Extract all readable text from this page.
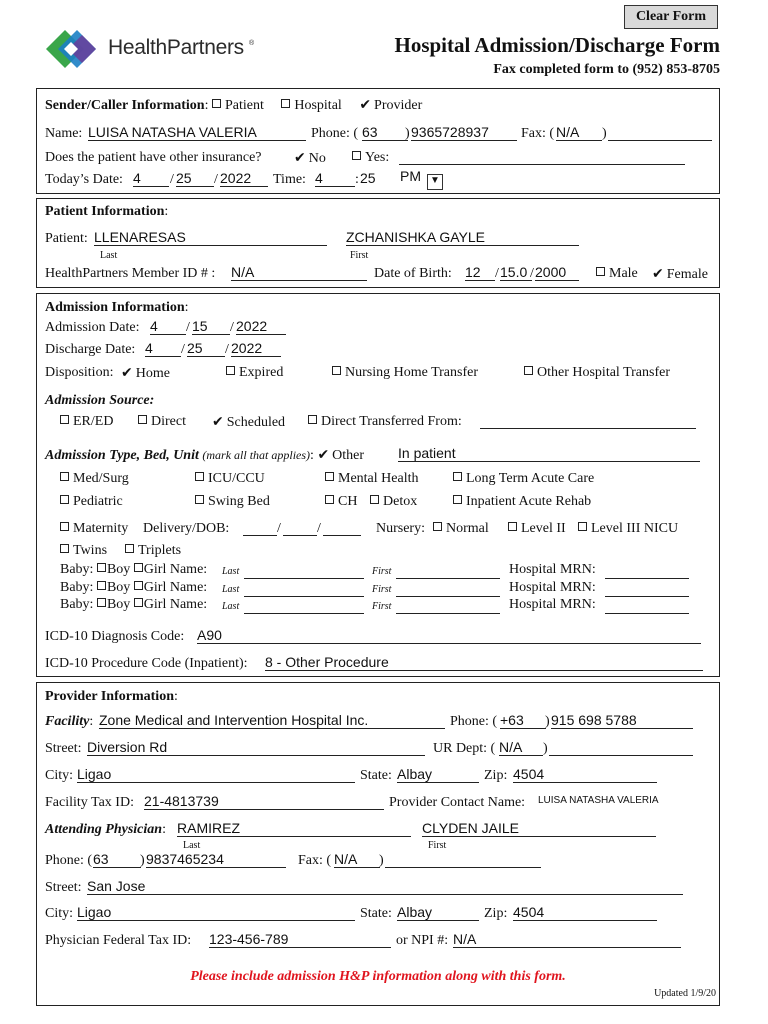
Clear Form
HealthPartners ®	Hospital Admission/Discharge Form
Fax completed form to (952) 853-8705
Sender/Caller Information: Patient Hospital ✔ Provider
Name: LUISA NATASHA VALERIA	Phone: ( 63	) 9365728937	Fax: ( N/A	)
Does the patient have other insurance? ✔ No	Yes:
Today’s Date: 4	/ 25	/ 2022	Time: 4	: 25	PM ▼
Patient Information:
Patient: LLENARESAS	ZCHANISHKA GAYLE
Last	First
HealthPartners Member ID # : N/A	Date of Birth: 12	/ 15.0 / 2000	Male ✔ Female
Admission Information:
Admission Date: 4	/ 15	/ 2022
Discharge Date: 4	/ 25	/ 2022
Disposition: ✔ Home	Expired	Nursing Home Transfer	Other Hospital Transfer
Admission Source:
ER/ED	Direct ✔ Scheduled	Direct Transferred From:
Admission Type, Bed, Unit (mark all that applies): ✔ Other In patient
Med/Surg	ICU/CCU	Mental Health	Long Term Acute Care
Pediatric	Swing Bed	CH	Detox	Inpatient Acute Rehab
Maternity Delivery/DOB:	/	/	Nursery:	Normal	Level II	Level III NICU
Twins	Triplets
Baby: Boy Girl Name: Last	First	Hospital MRN:
Baby: Boy Girl Name: Last	First	Hospital MRN:
Baby: Boy Girl Name: Last	First	Hospital MRN:
ICD-10 Diagnosis Code: A90
ICD-10 Procedure Code (Inpatient): 8 - Other Procedure
Provider Information:
Facility: Zone Medical and Intervention Hospital Inc.	Phone: ( +63	) 915 698 5788
Street: Diversion Rd	UR Dept: ( N/A	)
City: Ligao	State: Albay	Zip: 4504
Facility Tax ID: 21-4813739	Provider Contact Name: LUISA NATASHA VALERIA
Attending Physician: RAMIREZ	CLYDEN JAILE
Last	First
Phone: ( 63	) 9837465234	Fax: ( N/A	)
Street: San Jose
City: Ligao	State: Albay	Zip: 4504
Physician Federal Tax ID: 123-456-789	or NPI #: N/A
Please include admission H&P information along with this form.
Updated 1/9/20
